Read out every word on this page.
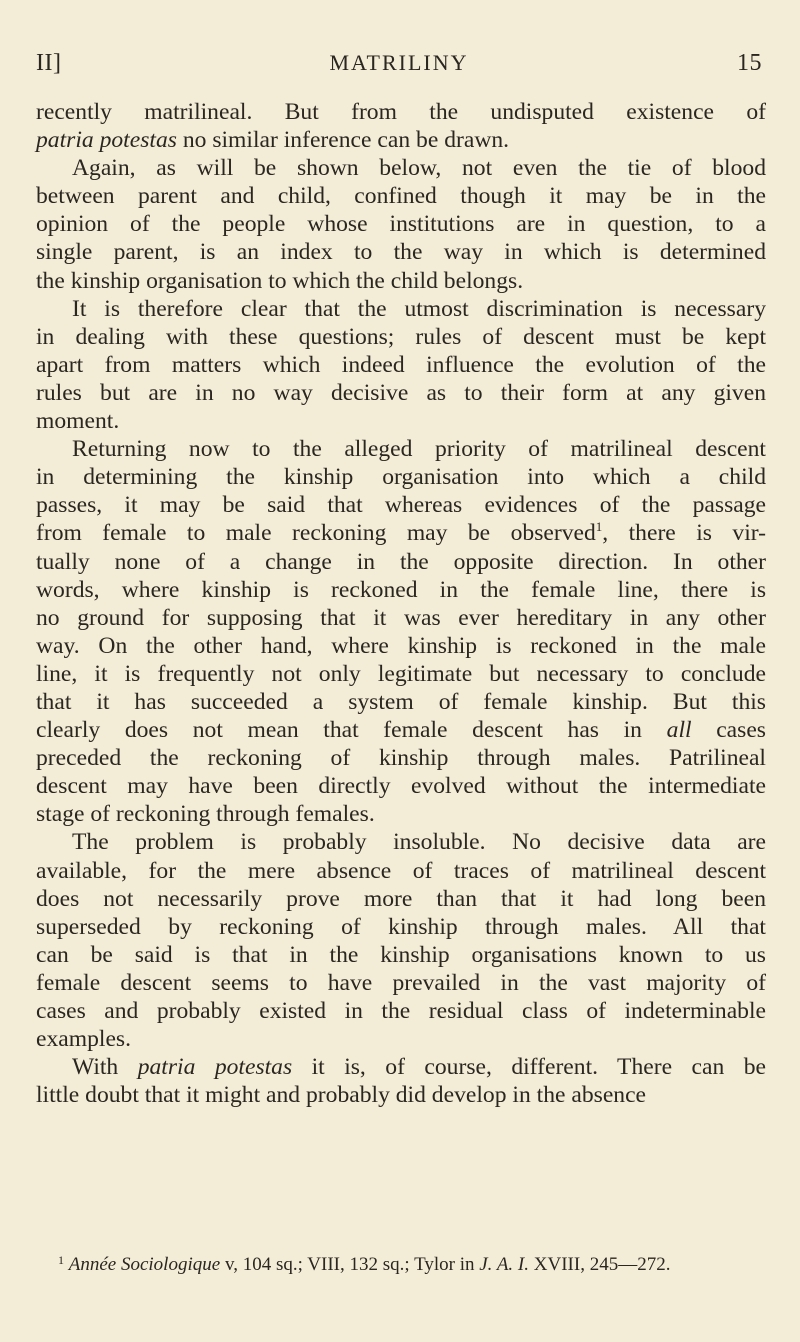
II]	MATRILINY	15
recently matrilineal. But from the undisputed existence of
patria potestas no similar inference can be drawn.
Again, as will be shown below, not even the tie of blood
between parent and child, confined though it may be in the
opinion of the people whose institutions are in question, to a
single parent, is an index to the way in which is determined
the kinship organisation to which the child belongs.
It is therefore clear that the utmost discrimination is necessary
in dealing with these questions; rules of descent must be kept
apart from matters which indeed influence the evolution of the
rules but are in no way decisive as to their form at any given
moment.
Returning now to the alleged priority of matrilineal descent
in determining the kinship organisation into which a child
passes, it may be said that whereas evidences of the passage
from female to male reckoning may be observed$^1$, there is vir-
tually none of a change in the opposite direction. In other
words, where kinship is reckoned in the female line, there is
no ground for supposing that it was ever hereditary in any other
way. On the other hand, where kinship is reckoned in the male
line, it is frequently not only legitimate but necessary to conclude
that it has succeeded a system of female kinship. But this
clearly does not mean that female descent has in all cases
preceded the reckoning of kinship through males. Patrilineal
descent may have been directly evolved without the intermediate
stage of reckoning through females.
The problem is probably insoluble. No decisive data are
available, for the mere absence of traces of matrilineal descent
does not necessarily prove more than that it had long been
superseded by reckoning of kinship through males. All that
can be said is that in the kinship organisations known to us
female descent seems to have prevailed in the vast majority of
cases and probably existed in the residual class of indeterminable
examples.
With patria potestas it is, of course, different. There can be
little doubt that it might and probably did develop in the absence
$^1$ Année Sociologique v, 104 sq.; VIII, 132 sq.; Tylor in J. A. I. XVIII, 245—272.
